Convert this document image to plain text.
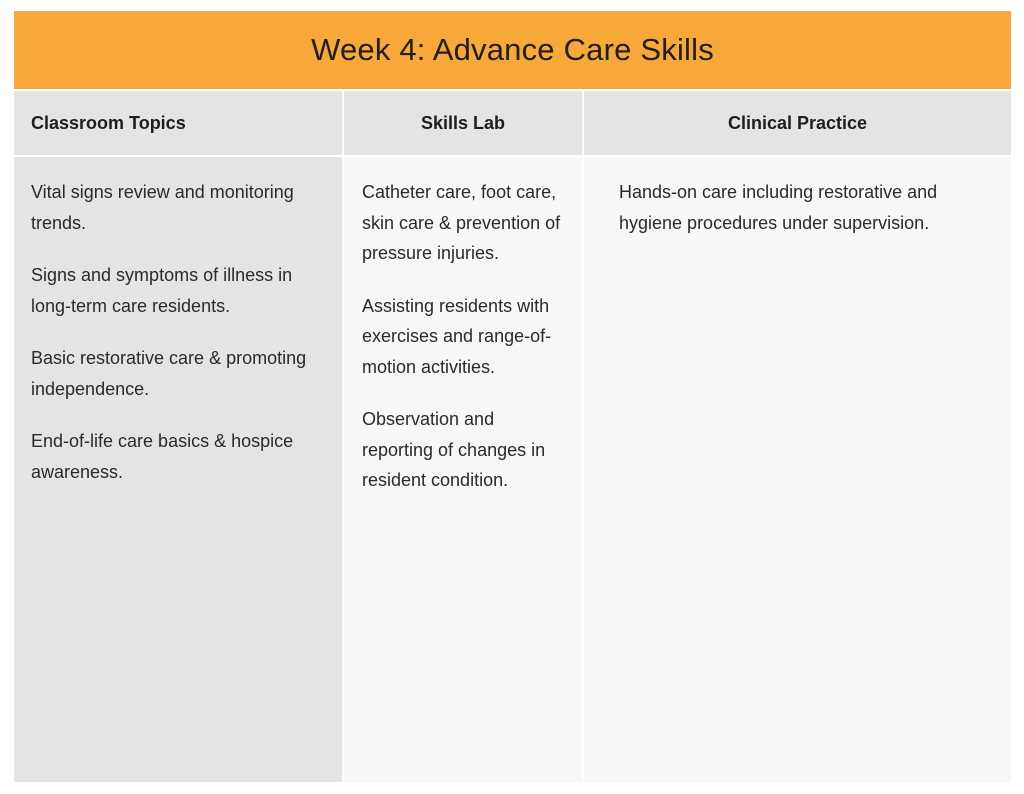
Week 4: Advance Care Skills
Classroom Topics	Skills Lab	Clinical Practice

Vital signs review and monitoring trends.

Signs and symptoms of illness in long-term care residents.

Basic restorative care & promoting independence.

End-of-life care basics & hospice awareness.

Catheter care, foot care, skin care & prevention of pressure injuries.

Assisting residents with exercises and range-of-motion activities.

Observation and reporting of changes in resident condition.

Hands-on care including restorative and hygiene procedures under supervision.
